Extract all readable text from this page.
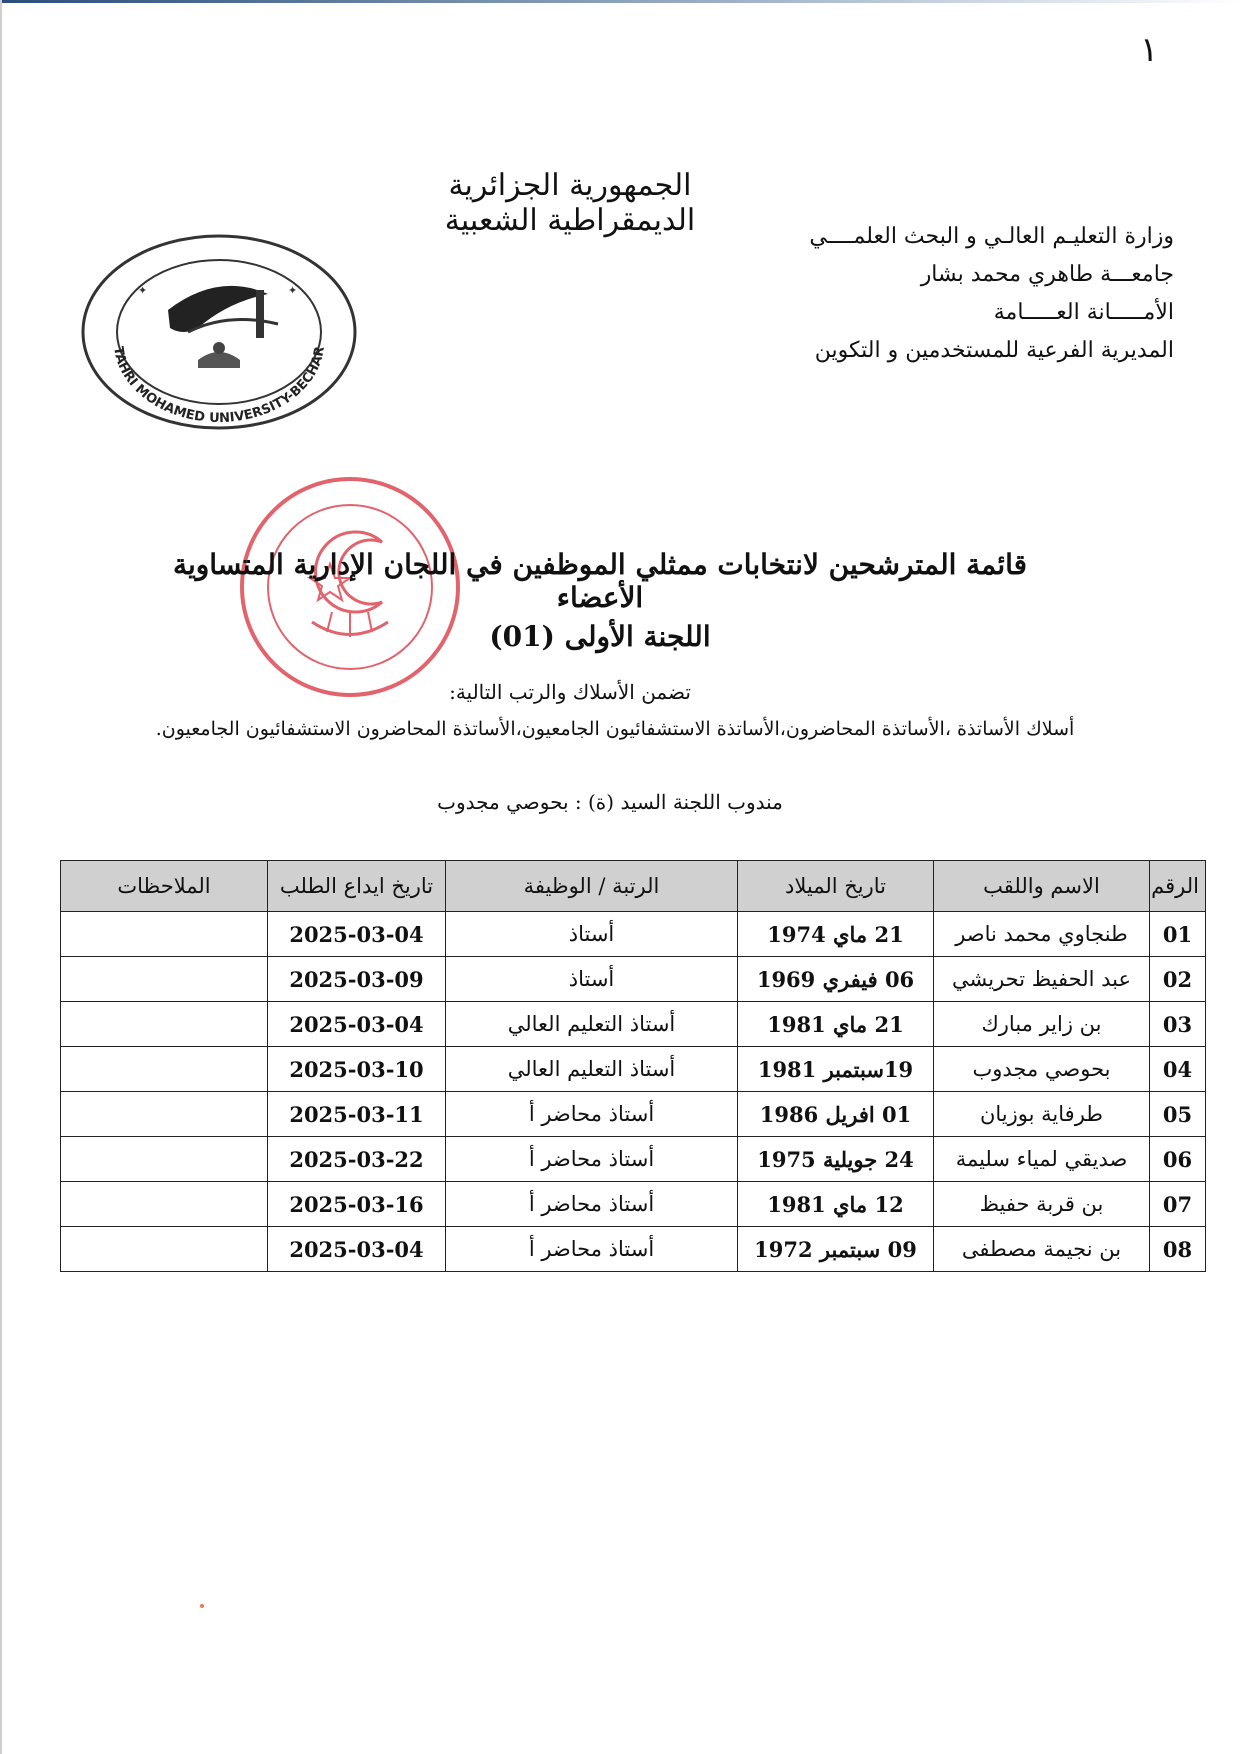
١
الجمهورية الجزائرية الديمقراطية الشعبية	وزارة التعليـم العالـي و البحث العلمــــي
جامعـــة طاهري محمد بشار
الأمـــــانة العـــــامة
المديرية الفرعية للمستخدمين و التكوين
TAHRI MOHAMED UNIVERSITY-BECHAR
✦	✦
قائمة المترشحين لانتخابات ممثلي الموظفين في اللجان الإدارية المتساوية الأعضاء
اللجنة الأولى (01)
تضمن الأسلاك والرتب التالية:
أسلاك الأساتذة ،الأساتذة المحاضرون،الأساتذة الاستشفائيون الجامعيون،الأساتذة المحاضرون الاستشفائيون الجامعيون.
مندوب اللجنة السيد (ة) : بحوصي مجدوب
الرقم	الاسم واللقب	تاريخ الميلاد	الرتبة / الوظيفة	تاريخ ايداع الطلب	الملاحظات
01	طنجاوي محمد ناصر	21 ماي 1974	أستاذ	2025-03-04	
02	عبد الحفيظ تحريشي	06 فيفري 1969	أستاذ	2025-03-09	
03	بن زاير مبارك	21 ماي 1981	أستاذ التعليم العالي	2025-03-04	
04	بحوصي مجدوب	19سبتمبر 1981	أستاذ التعليم العالي	2025-03-10	
05	طرفاية بوزيان	01 افريل 1986	أستاذ محاضر أ	2025-03-11	
06	صديقي لمياء سليمة	24 جويلية 1975	أستاذ محاضر أ	2025-03-22	
07	بن قربة حفيظ	12 ماي 1981	أستاذ محاضر أ	2025-03-16	
08	بن نجيمة مصطفى	09 سبتمبر 1972	أستاذ محاضر أ	2025-03-04	
